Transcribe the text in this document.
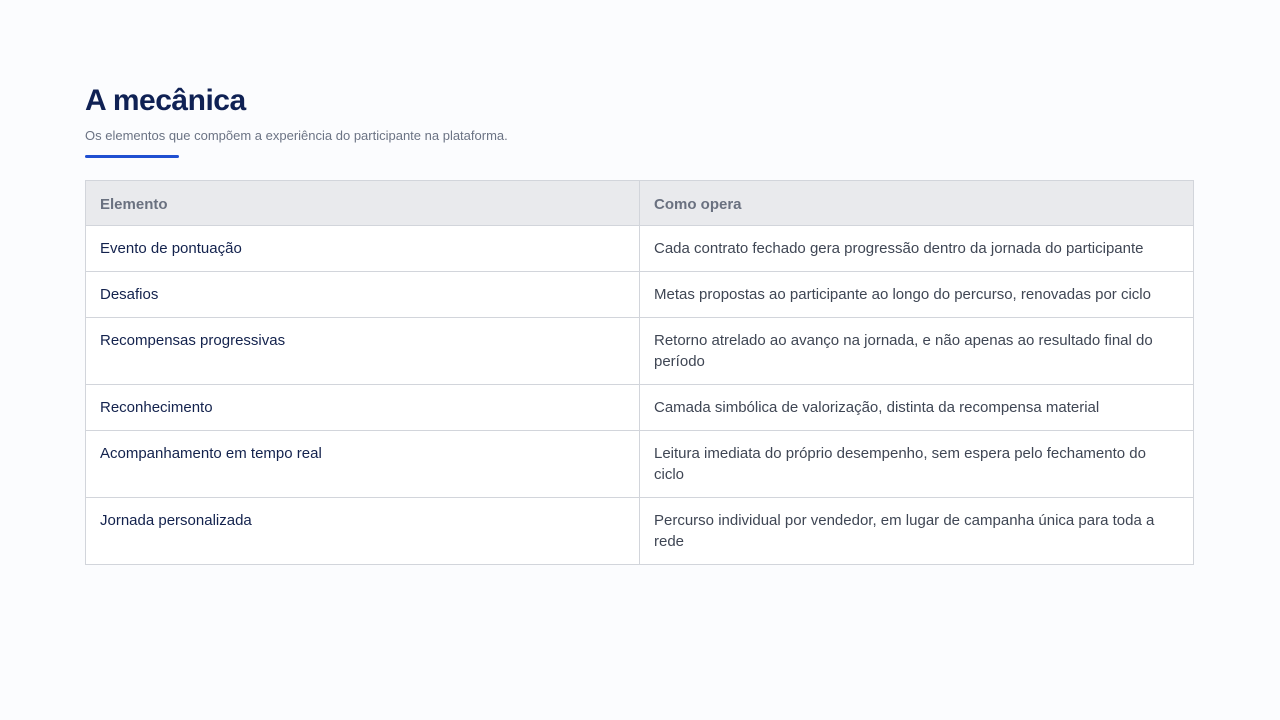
A mecânica

Os elementos que compõem a experiência do participante na plataforma.

Elemento	Como opera
Evento de pontuação	Cada contrato fechado gera progressão dentro da jornada do participante
Desafios	Metas propostas ao participante ao longo do percurso, renovadas por ciclo
Recompensas progressivas	Retorno atrelado ao avanço na jornada, e não apenas ao resultado final do período
Reconhecimento	Camada simbólica de valorização, distinta da recompensa material
Acompanhamento em tempo real	Leitura imediata do próprio desempenho, sem espera pelo fechamento do ciclo
Jornada personalizada	Percurso individual por vendedor, em lugar de campanha única para toda a rede
